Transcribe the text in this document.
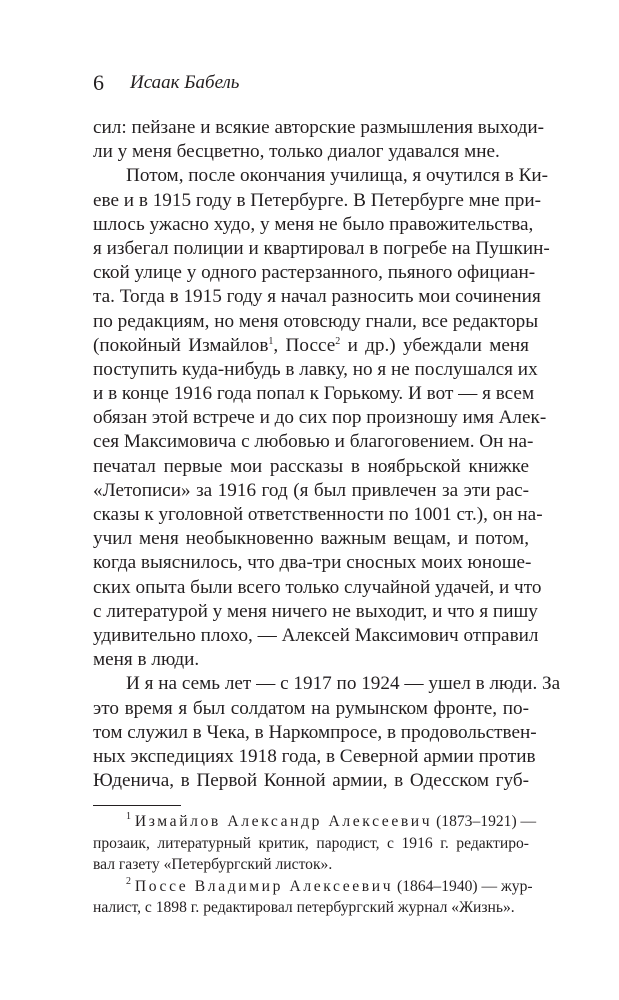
6 Исаак Бабель
сил: пейзане и всякие авторские размышления выходи-
ли у меня бесцветно, только диалог удавался мне.
Потом, после окончания училища, я очутился в Ки-
еве и в 1915 году в Петербурге. В Петербурге мне при-
шлось ужасно худо, у меня не было правожительства,
я избегал полиции и квартировал в погребе на Пушкин-
ской улице у одного растерзанного, пьяного официан-
та. Тогда в 1915 году я начал разносить мои сочинения
по редакциям, но меня отовсюду гнали, все редакторы
(покойный Измайлов$^1$, Поссе$^2$ и др.) убеждали меня
поступить куда-нибудь в лавку, но я не послушался их
и в конце 1916 года попал к Горькому. И вот — я всем
обязан этой встрече и до сих пор произношу имя Алек-
сея Максимовича с любовью и благоговением. Он на-
печатал первые мои рассказы в ноябрьской книжке
«Летописи» за 1916 год (я был привлечен за эти рас-
сказы к уголовной ответственности по 1001 ст.), он на-
учил меня необыкновенно важным вещам, и потом,
когда выяснилось, что два-три сносных моих юноше-
ских опыта были всего только случайной удачей, и что
с литературой у меня ничего не выходит, и что я пишу
удивительно плохо, — Алексей Максимович отправил
меня в люди.
И я на семь лет — с 1917 по 1924 — ушел в люди. За
это время я был солдатом на румынском фронте, по-
том служил в Чека, в Наркомпросе, в продовольствен-
ных экспедициях 1918 года, в Северной армии против
Юденича, в Первой Конной армии, в Одесском губ-
$^1$ Измайлов Александр Алексеевич (1873–1921) —
прозаик, литературный критик, пародист, с 1916 г. редактиро-
вал газету «Петербургский листок».
$^2$ Поссе Владимир Алексеевич (1864–1940) — жур-
налист, с 1898 г. редактировал петербургский журнал «Жизнь».
